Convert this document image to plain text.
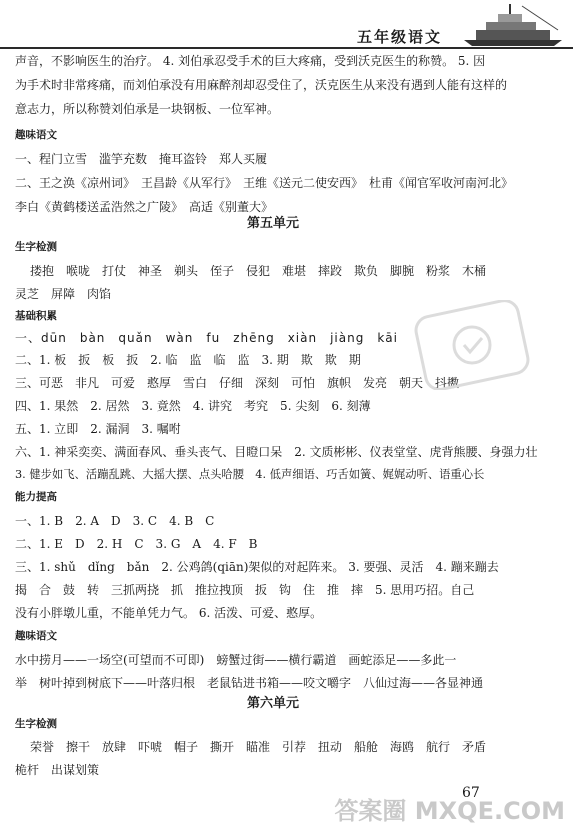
五年级语文
声音，不影响医生的治疗。 4. 刘伯承忍受手术的巨大疼痛，受到沃克医生的称赞。 5. 因
为手术时非常疼痛，而刘伯承没有用麻醉剂却忍受住了，沃克医生从来没有遇到人能有这样的
意志力，所以称赞刘伯承是一块钢板、一位军神。
趣味语文
一、程门立雪　滥竽充数　掩耳盗铃　郑人买履
二、王之涣《凉州词》　王昌龄《从军行》　王维《送元二使安西》　杜甫《闻官军收河南河北》
李白《黄鹤楼送孟浩然之广陵》　高适《别董大》
第五单元
生字检测
搂抱　喉咙　打仗　神圣　剃头　侄子　侵犯　难堪　摔跤　欺负　脚腕　粉浆　木桶
灵芝　屏障　肉馅
基础积累
一、dūn　bàn　quǎn　wàn　fu　zhēng　xiàn　jiàng　kāi
二、1. 板　扳　板　扳　2. 临　监　临　监　3. 期　欺　欺　期
三、可恶　非凡　可爱　憨厚　雪白　仔细　深刻　可怕　旗帜　发亮　朝天　抖擞
四、1. 果然　2. 居然　3. 竟然　4. 讲究　考究　5. 尖刻　6. 刻薄
五、1. 立即　2. 漏洞　3. 嘱咐
六、1. 神采奕奕、满面春风、垂头丧气、目瞪口呆　2. 文质彬彬、仪表堂堂、虎背熊腰、身强力壮
3. 健步如飞、活蹦乱跳、大摇大摆、点头哈腰　4. 低声细语、巧舌如簧、娓娓动听、语重心长
能力提高
一、1. B　2. A　D　3. C　4. B　C
二、1. E　D　2. H　C　3. G　A　4. F　B
三、1. shǔ　dǐng　bǎn　2. 公鸡鸽(qiān)架似的对起阵来。 3. 要强、灵活　4. 蹦来蹦去
揭　合　鼓　转　三抓两挠　抓　推拉拽顶　扳　钩　住　推　摔　5. 思用巧招。自己
没有小胖墩儿重，不能单凭力气。 6. 活泼、可爱、憨厚。
趣味语文
水中捞月——一场空(可望而不可即)　螃蟹过街——横行霸道　画蛇添足——多此一
举　树叶掉到树底下——叶落归根　老鼠钻进书箱——咬文嚼字　八仙过海——各显神通
第六单元
生字检测
荣誉　擦干　放肆　吓唬　帽子　撕开　瞄准　引荐　扭动　船舱　海鸥　航行　矛盾
桅杆　出谋划策
67
答案圈 MXQE.COM
